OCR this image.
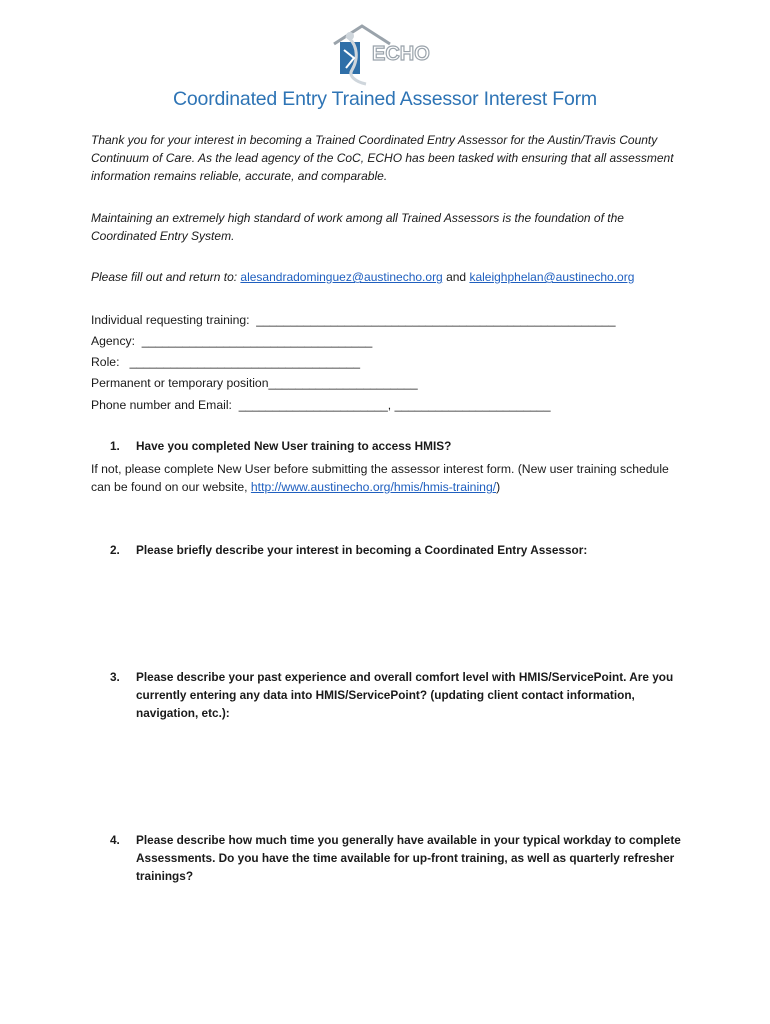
ECHO
Coordinated Entry Trained Assessor Interest Form
Thank you for your interest in becoming a Trained Coordinated Entry Assessor for the Austin/Travis County Continuum of Care. As the lead agency of the CoC, ECHO has been tasked with ensuring that all assessment information remains reliable, accurate, and comparable.
Maintaining an extremely high standard of work among all Trained Assessors is the foundation of the Coordinated Entry System.
Please fill out and return to: alesandradominguez@austinecho.org and kaleighphelan@austinecho.org
Individual requesting training:  _____________________________________________________
Agency:  __________________________________
Role:   __________________________________
Permanent or temporary position______________________
Phone number and Email:  ______________________, _______________________
1.	Have you completed New User training to access HMIS?
If not, please complete New User before submitting the assessor interest form. (New user training schedule can be found on our website, http://www.austinecho.org/hmis/hmis-training/)
2.	Please briefly describe your interest in becoming a Coordinated Entry Assessor:
3.	Please describe your past experience and overall comfort level with HMIS/ServicePoint. Are you currently entering any data into HMIS/ServicePoint? (updating client contact information, navigation, etc.):
4.	Please describe how much time you generally have available in your typical workday to complete Assessments. Do you have the time available for up-front training, as well as quarterly refresher trainings?
